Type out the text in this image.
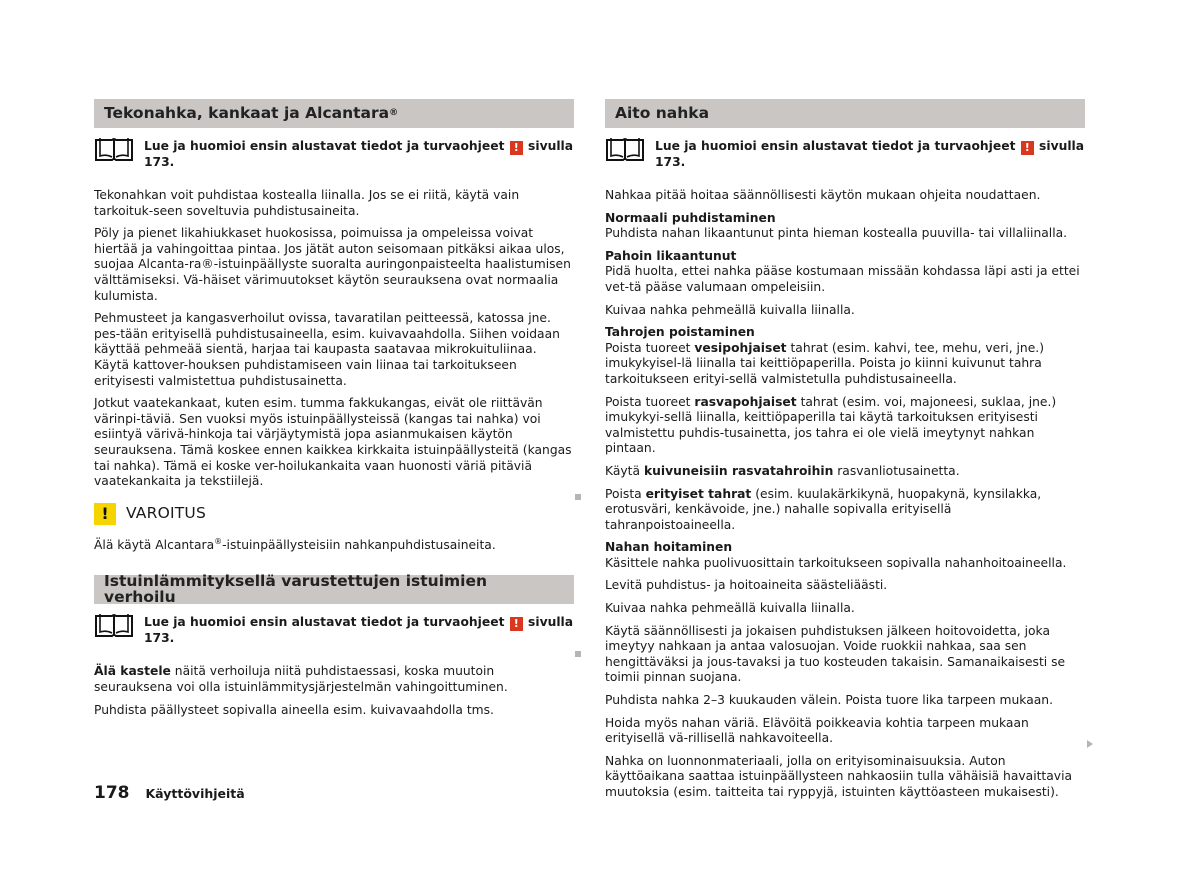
Tekonahka, kankaat ja Alcantara ®
Lue ja huomioi ensin alustavat tiedot ja turvaohjeet ! sivulla 173.

Tekonahkan voit puhdistaa kostealla liinalla. Jos se ei riitä, käytä vain tarkoituk-seen soveltuvia puhdistusaineita.

Pöly ja pienet likahiukkaset huokosissa, poimuissa ja ompeleissa voivat hiertää ja vahingoittaa pintaa. Jos jätät auton seisomaan pitkäksi aikaa ulos, suojaa Alcanta-ra®-istuinpäällyste suoralta auringonpaisteelta haalistumisen välttämiseksi. Vä-häiset värimuutokset käytön seurauksena ovat normaalia kulumista.

Pehmusteet ja kangasverhoilut ovissa, tavaratilan peitteessä, katossa jne. pes-tään erityisellä puhdistusaineella, esim. kuivavaahdolla. Siihen voidaan käyttää pehmeää sientä, harjaa tai kaupasta saatavaa mikrokuituliinaa. Käytä kattover-houksen puhdistamiseen vain liinaa tai tarkoitukseen erityisesti valmistettua puhdistusainetta.

Jotkut vaatekankaat, kuten esim. tumma fakkukangas, eivät ole riittävän värinpi-täviä. Sen vuoksi myös istuinpäällysteissä (kangas tai nahka) voi esiintyä värivä-hinkoja tai värjäytymistä jopa asianmukaisen käytön seurauksena. Tämä koskee ennen kaikkea kirkkaita istuinpäällysteitä (kangas tai nahka). Tämä ei koske ver-hoilukankaita vaan huonosti väriä pitäviä vaatekankaita ja tekstiilejä.

!	VAROITUS

Älä käytä Alcantara®-istuinpäällysteisiin nahkanpuhdistusaineita.

Istuinlämmityksellä varustettujen istuimien verhoilu
Lue ja huomioi ensin alustavat tiedot ja turvaohjeet ! sivulla 173.

Älä kastele näitä verhoiluja niitä puhdistaessasi, koska muutoin seurauksena voi olla istuinlämmitysjärjestelmän vahingoittuminen.

Puhdista päällysteet sopivalla aineella esim. kuivavaahdolla tms.

Aito nahka
Lue ja huomioi ensin alustavat tiedot ja turvaohjeet ! sivulla 173.

Nahkaa pitää hoitaa säännöllisesti käytön mukaan ohjeita noudattaen.

Normaali puhdistaminen

Puhdista nahan likaantunut pinta hieman kostealla puuvilla- tai villaliinalla.

Pahoin likaantunut

Pidä huolta, ettei nahka pääse kostumaan missään kohdassa läpi asti ja ettei vet-tä pääse valumaan ompeleisiin.

Kuivaa nahka pehmeällä kuivalla liinalla.

Tahrojen poistaminen

Poista tuoreet vesipohjaiset tahrat (esim. kahvi, tee, mehu, veri, jne.) imukykyisel-lä liinalla tai keittiöpaperilla. Poista jo kiinni kuivunut tahra tarkoitukseen erityi-sellä valmistetulla puhdistusaineella.

Poista tuoreet rasvapohjaiset tahrat (esim. voi, majoneesi, suklaa, jne.) imukykyi-sellä liinalla, keittiöpaperilla tai käytä tarkoituksen erityisesti valmistettu puhdis-tusainetta, jos tahra ei ole vielä imeytynyt nahkan pintaan.

Käytä kuivuneisiin rasvatahroihin rasvanliotusainetta.

Poista erityiset tahrat (esim. kuulakärkikynä, huopakynä, kynsilakka, erotusväri, kenkävoide, jne.) nahalle sopivalla erityisellä tahranpoistoaineella.

Nahan hoitaminen

Käsittele nahka puolivuosittain tarkoitukseen sopivalla nahanhoitoaineella.

Levitä puhdistus- ja hoitoaineita säästeliäästi.

Kuivaa nahka pehmeällä kuivalla liinalla.

Käytä säännöllisesti ja jokaisen puhdistuksen jälkeen hoitovoidetta, joka imeytyy nahkaan ja antaa valosuojan. Voide ruokkii nahkaa, saa sen hengittäväksi ja jous-tavaksi ja tuo kosteuden takaisin. Samanaikaisesti se toimii pinnan suojana.

Puhdista nahka 2–3 kuukauden välein. Poista tuore lika tarpeen mukaan.

Hoida myös nahan väriä. Elävöitä poikkeavia kohtia tarpeen mukaan erityisellä vä-rillisellä nahkavoiteella.

Nahka on luonnonmateriaali, jolla on erityisominaisuuksia. Auton käyttöaikana saattaa istuinpäällysteen nahkaosiin tulla vähäisiä havaittavia muutoksia (esim. taitteita tai ryppyjä, istuinten käyttöasteen mukaisesti).

178 Käyttövihjeitä
